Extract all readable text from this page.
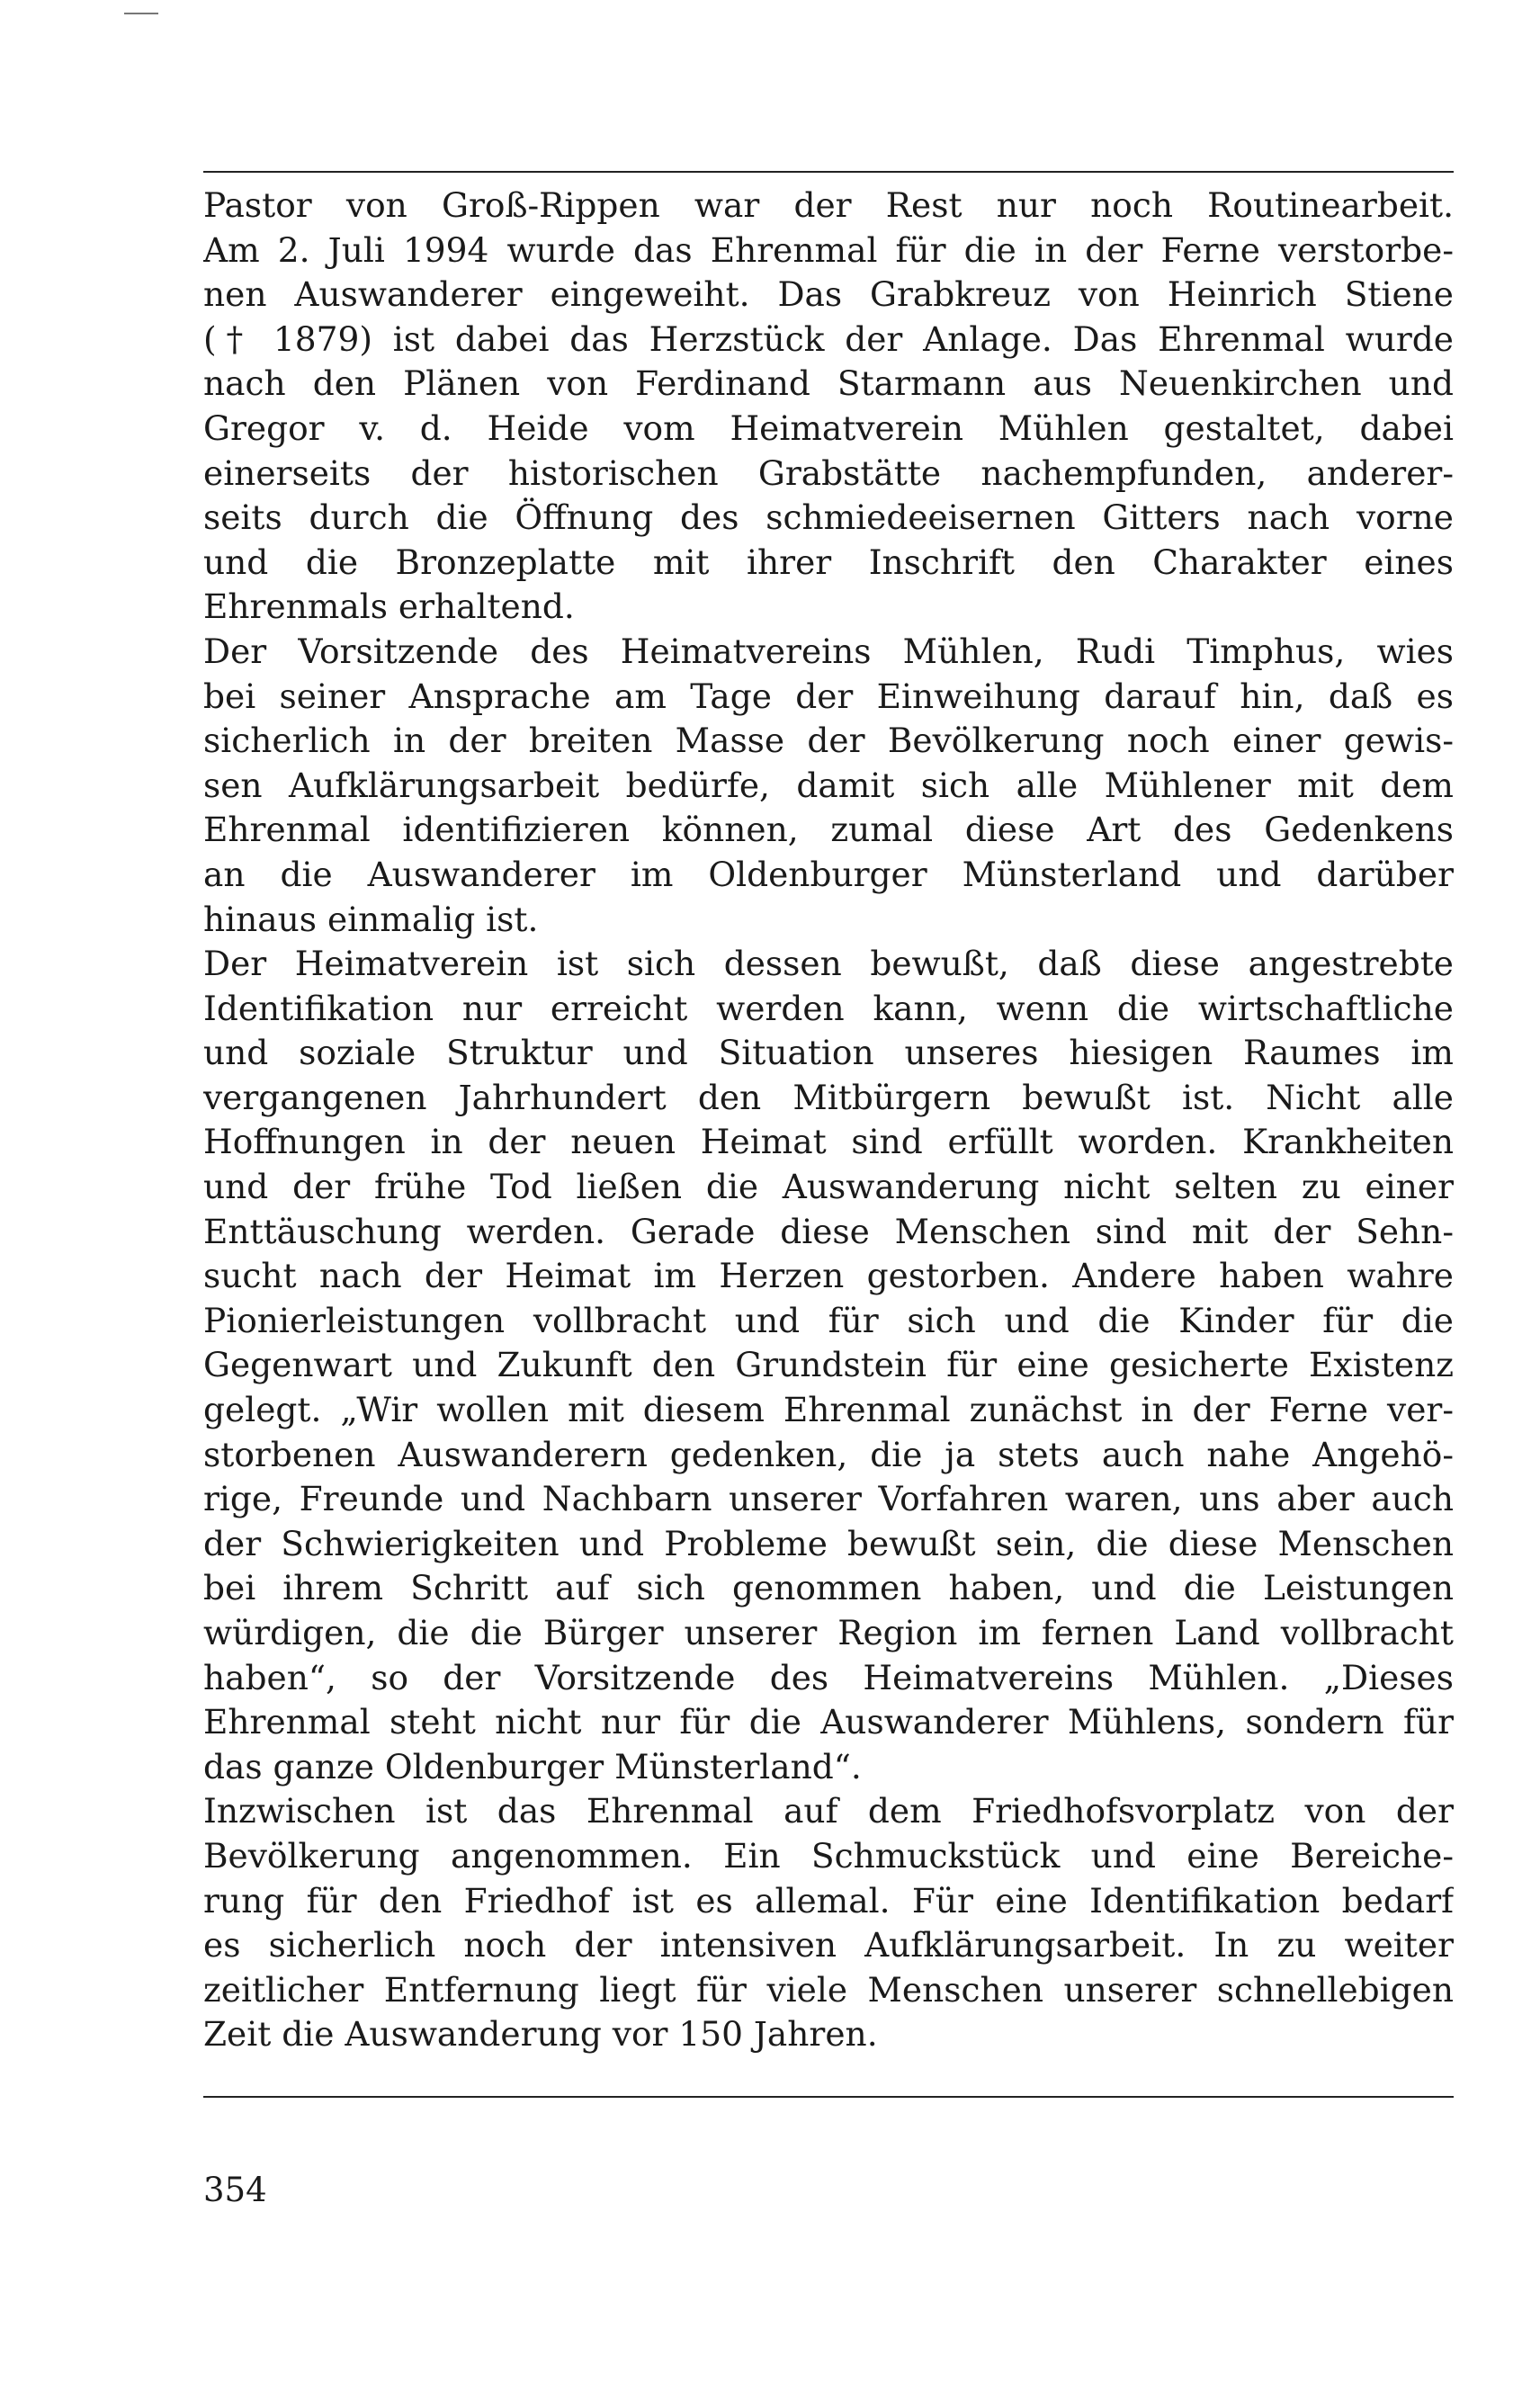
Pastor von Groß-Rippen war der Rest nur noch Routinearbeit.
Am 2. Juli 1994 wurde das Ehrenmal für die in der Ferne verstorbe-
nen Auswanderer eingeweiht. Das Grabkreuz von Heinrich Stiene
(† 1879) ist dabei das Herzstück der Anlage. Das Ehrenmal wurde
nach den Plänen von Ferdinand Starmann aus Neuenkirchen und
Gregor v. d. Heide vom Heimatverein Mühlen gestaltet, dabei
einerseits der historischen Grabstätte nachempfunden, anderer-
seits durch die Öffnung des schmiedeeisernen Gitters nach vorne
und die Bronzeplatte mit ihrer Inschrift den Charakter eines
Ehrenmals erhaltend.
Der Vorsitzende des Heimatvereins Mühlen, Rudi Timphus, wies
bei seiner Ansprache am Tage der Einweihung darauf hin, daß es
sicherlich in der breiten Masse der Bevölkerung noch einer gewis-
sen Aufklärungsarbeit bedürfe, damit sich alle Mühlener mit dem
Ehrenmal identifizieren können, zumal diese Art des Gedenkens
an die Auswanderer im Oldenburger Münsterland und darüber
hinaus einmalig ist.
Der Heimatverein ist sich dessen bewußt, daß diese angestrebte
Identifikation nur erreicht werden kann, wenn die wirtschaftliche
und soziale Struktur und Situation unseres hiesigen Raumes im
vergangenen Jahrhundert den Mitbürgern bewußt ist. Nicht alle
Hoffnungen in der neuen Heimat sind erfüllt worden. Krankheiten
und der frühe Tod ließen die Auswanderung nicht selten zu einer
Enttäuschung werden. Gerade diese Menschen sind mit der Sehn-
sucht nach der Heimat im Herzen gestorben. Andere haben wahre
Pionierleistungen vollbracht und für sich und die Kinder für die
Gegenwart und Zukunft den Grundstein für eine gesicherte Existenz
gelegt. „Wir wollen mit diesem Ehrenmal zunächst in der Ferne ver-
storbenen Auswanderern gedenken, die ja stets auch nahe Angehö-
rige, Freunde und Nachbarn unserer Vorfahren waren, uns aber auch
der Schwierigkeiten und Probleme bewußt sein, die diese Menschen
bei ihrem Schritt auf sich genommen haben, und die Leistungen
würdigen, die die Bürger unserer Region im fernen Land vollbracht
haben“, so der Vorsitzende des Heimatvereins Mühlen. „Dieses
Ehrenmal steht nicht nur für die Auswanderer Mühlens, sondern für
das ganze Oldenburger Münsterland“.
Inzwischen ist das Ehrenmal auf dem Friedhofsvorplatz von der
Bevölkerung angenommen. Ein Schmuckstück und eine Bereiche-
rung für den Friedhof ist es allemal. Für eine Identifikation bedarf
es sicherlich noch der intensiven Aufklärungsarbeit. In zu weiter
zeitlicher Entfernung liegt für viele Menschen unserer schnellebigen
Zeit die Auswanderung vor 150 Jahren.
354
